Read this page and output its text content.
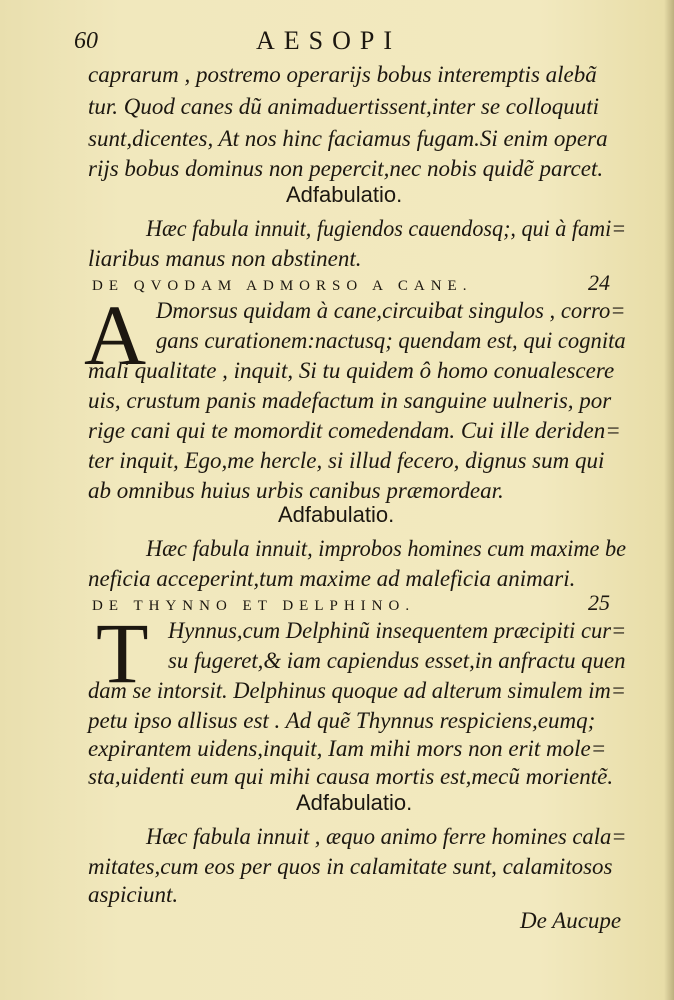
60	AESOPI
caprarum , postremo operarijs bobus interemptis alebã
tur. Quod canes dũ animaduertissent,inter se colloquuti
sunt,dicentes, At nos hinc faciamus fugam.Si enim opera
rijs bobus dominus non pepercit,nec nobis quidẽ parcet.
Adfabulatio.
Hæc fabula innuit, fugiendos cauendosq;, qui à fami=
liaribus manus non abstinent.
DE QVODAM ADMORSO A CANE.	24
A Dmorsus quidam à cane,circuibat singulos , corro=
gans curationem:nactusq; quendam est, qui cognita
mali qualitate , inquit, Si tu quidem ô homo conualescere
uis, crustum panis madefactum in sanguine uulneris, por
rige cani qui te momordit comedendam. Cui ille deriden=
ter inquit, Ego,me hercle, si illud fecero, dignus sum qui
ab omnibus huius urbis canibus præmordear.
Adfabulatio.
Hæc fabula innuit, improbos homines cum maxime be
neficia acceperint,tum maxime ad maleficia animari.
DE THYNNO ET DELPHINO.	25
T Hynnus,cum Delphinũ insequentem præcipiti cur=
su fugeret,& iam capiendus esset,in anfractu quen
dam se intorsit. Delphinus quoque ad alterum simulem im=
petu ipso allisus est . Ad quẽ Thynnus respiciens,eumq;
expirantem uidens,inquit, Iam mihi mors non erit mole=
sta,uidenti eum qui mihi causa mortis est,mecũ morientẽ.
Adfabulatio.
Hæc fabula innuit , æquo animo ferre homines cala=
mitates,cum eos per quos in calamitate sunt, calamitosos
aspiciunt.
De Aucupe
